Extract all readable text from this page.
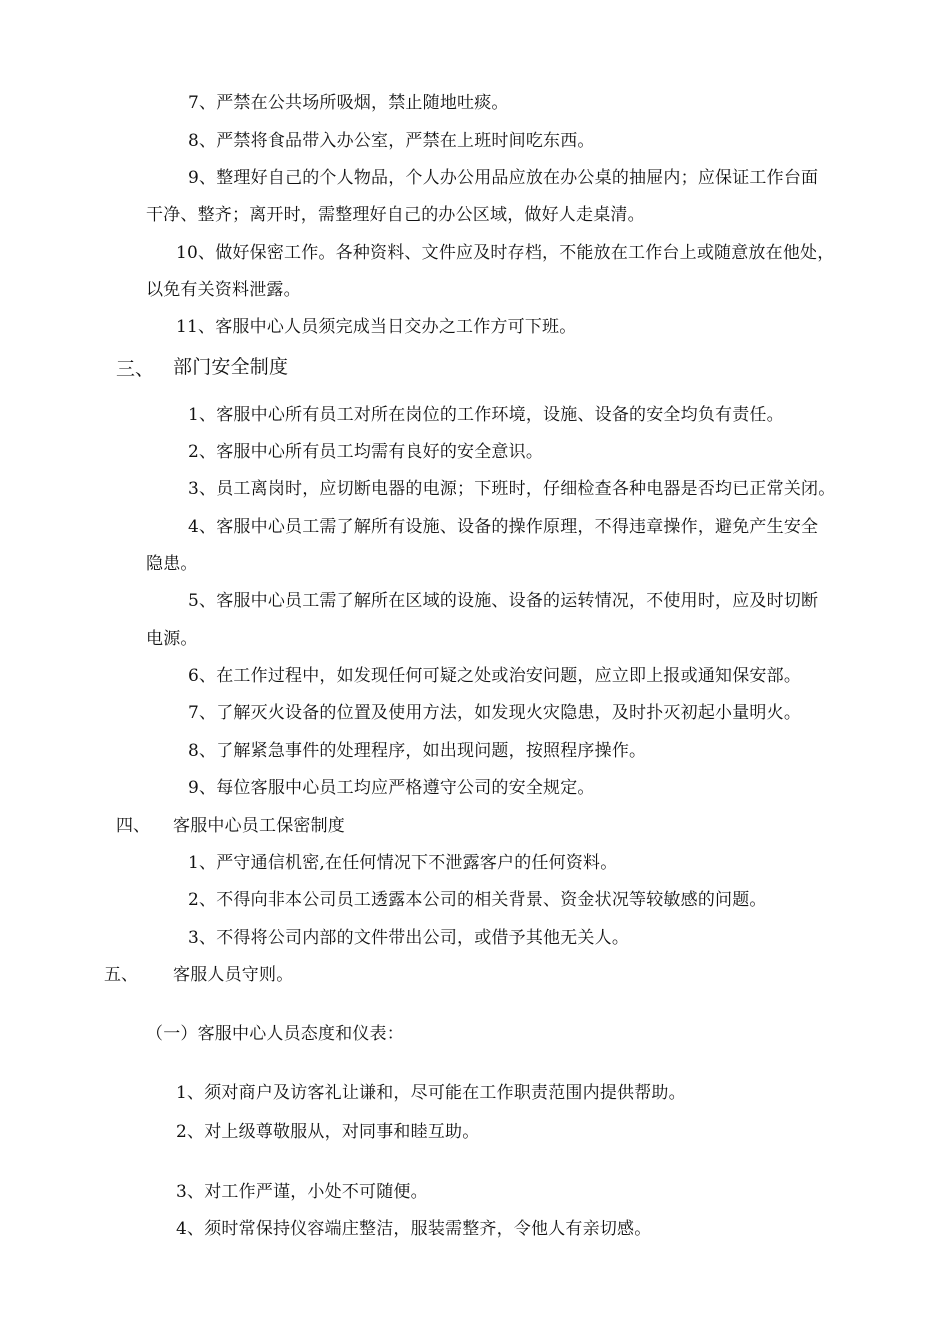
7、严禁在公共场所吸烟，禁止随地吐痰。
8、严禁将食品带入办公室，严禁在上班时间吃东西。
9、整理好自己的个人物品，个人办公用品应放在办公桌的抽屉内；应保证工作台面
干净、整齐；离开时，需整理好自己的办公区域，做好人走桌清。
10、做好保密工作。各种资料、文件应及时存档，不能放在工作台上或随意放在他处，
以免有关资料泄露。
11、客服中心人员须完成当日交办之工作方可下班。
三、 部门安全制度
1、客服中心所有员工对所在岗位的工作环境，设施、设备的安全均负有责任。
2、客服中心所有员工均需有良好的安全意识。
3、员工离岗时，应切断电器的电源；下班时，仔细检查各种电器是否均已正常关闭。
4、客服中心员工需了解所有设施、设备的操作原理，不得违章操作，避免产生安全
隐患。
5、客服中心员工需了解所在区域的设施、设备的运转情况，不使用时，应及时切断
电源。
6、在工作过程中，如发现任何可疑之处或治安问题，应立即上报或通知保安部。
7、了解灭火设备的位置及使用方法，如发现火灾隐患，及时扑灭初起小量明火。
8、了解紧急事件的处理程序，如出现问题，按照程序操作。
9、每位客服中心员工均应严格遵守公司的安全规定。
四、 客服中心员工保密制度
1、严守通信机密,在任何情况下不泄露客户的任何资料。
2、不得向非本公司员工透露本公司的相关背景、资金状况等较敏感的问题。
3、不得将公司内部的文件带出公司，或借予其他无关人。
五、 客服人员守则。
（一）客服中心人员态度和仪表：
1、须对商户及访客礼让谦和，尽可能在工作职责范围内提供帮助。
2、对上级尊敬服从，对同事和睦互助。
3、对工作严谨，小处不可随便。
4、须时常保持仪容端庄整洁，服装需整齐，令他人有亲切感。
